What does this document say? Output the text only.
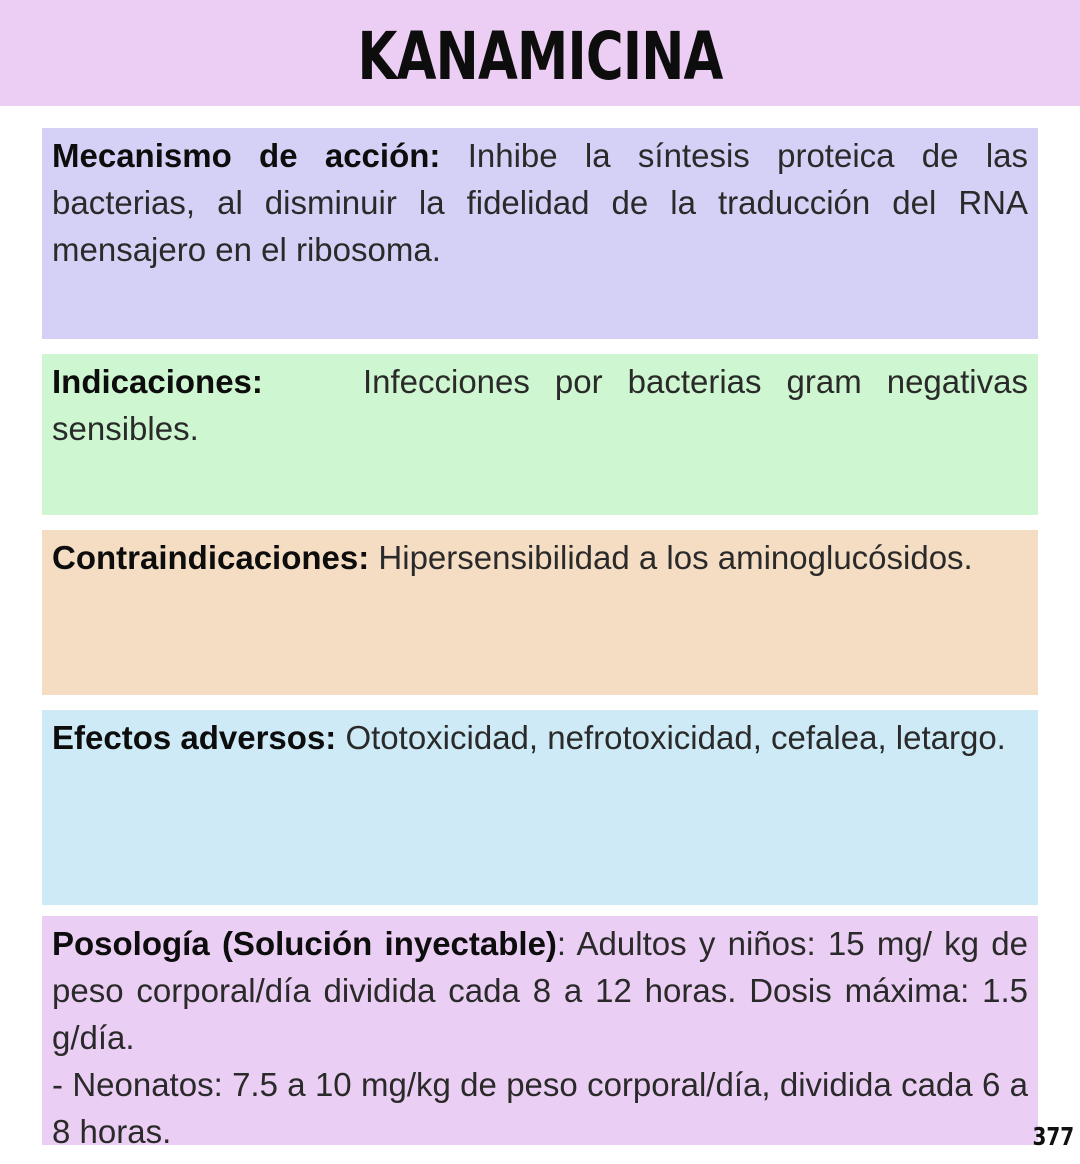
KANAMICINA

Mecanismo de acción: Inhibe la síntesis proteica de las bacterias, al disminuir la fidelidad de la traducción del RNA mensajero en el ribosoma.

Indicaciones:	Infecciones por bacterias gram negativas sensibles.

Contraindicaciones: Hipersensibilidad a los aminoglucósidos.

Efectos adversos: Ototoxicidad, nefrotoxicidad, cefalea, letargo.

Posología (Solución inyectable): Adultos y niños: 15 mg/ kg de peso corporal/día dividida cada 8 a 12 horas. Dosis máxima: 1.5 g/día.

- Neonatos: 7.5 a 10 mg/kg de peso corporal/día, dividida cada 6 a 8 horas.	377
